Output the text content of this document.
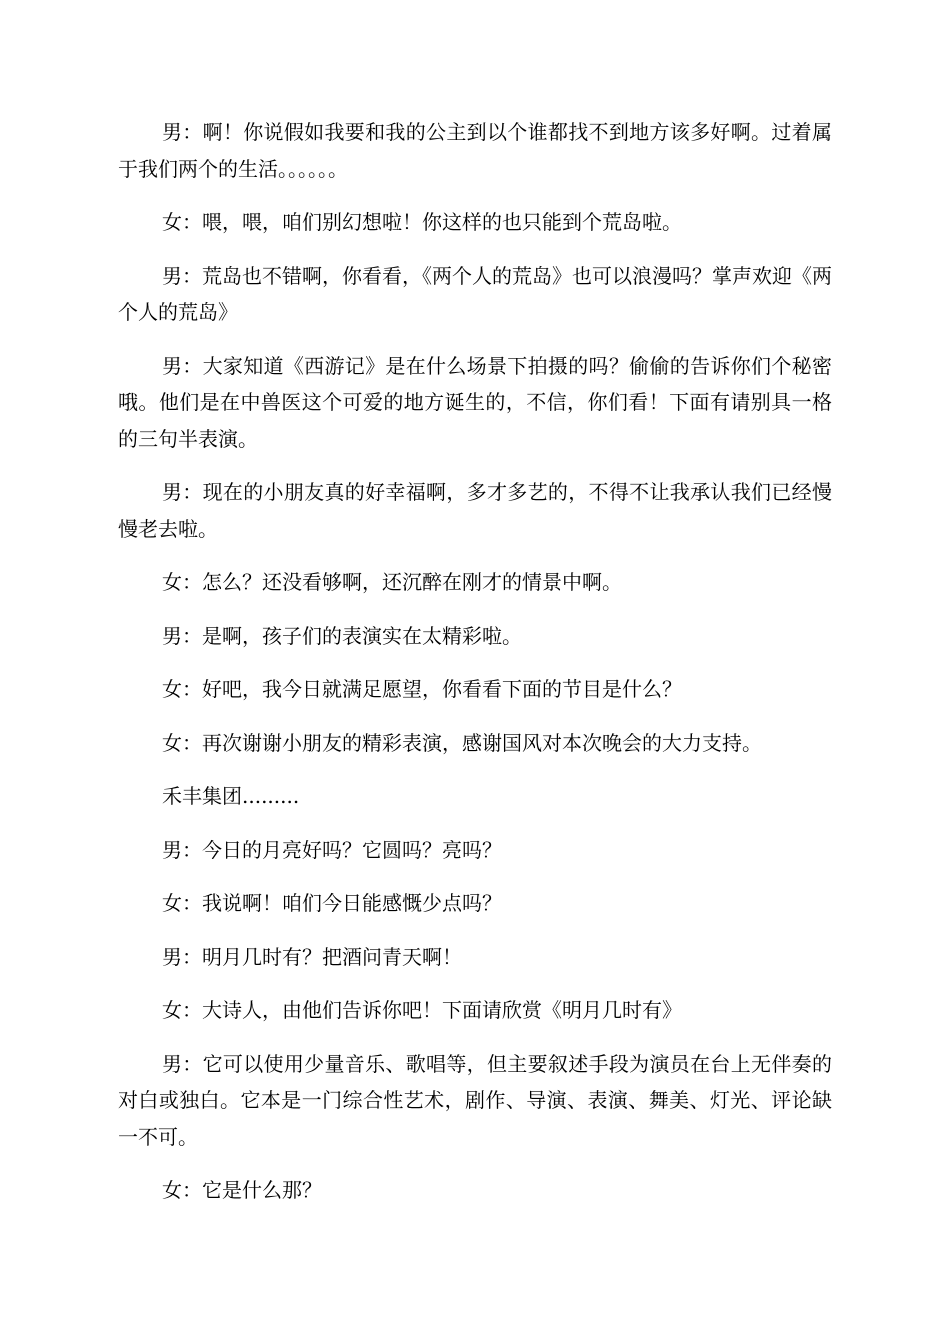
男：啊！你说假如我要和我的公主到以个谁都找不到地方该多好啊。过着属于我们两个的生活。。。。。。

女：喂，喂，咱们别幻想啦！你这样的也只能到个荒岛啦。

男：荒岛也不错啊，你看看，《两个人的荒岛》也可以浪漫吗？掌声欢迎《两个人的荒岛》

男：大家知道《西游记》是在什么场景下拍摄的吗？偷偷的告诉你们个秘密哦。他们是在中兽医这个可爱的地方诞生的，不信，你们看！下面有请别具一格的三句半表演。

男：现在的小朋友真的好幸福啊，多才多艺的，不得不让我承认我们已经慢慢老去啦。

女：怎么？还没看够啊，还沉醉在刚才的情景中啊。

男：是啊，孩子们的表演实在太精彩啦。

女：好吧，我今日就满足愿望，你看看下面的节目是什么？

女：再次谢谢小朋友的精彩表演，感谢国风对本次晚会的大力支持。

禾丰集团.........

男：今日的月亮好吗？它圆吗？亮吗？

女：我说啊！咱们今日能感慨少点吗？

男：明月几时有？把酒问青天啊！

女：大诗人，由他们告诉你吧！下面请欣赏《明月几时有》

男：它可以使用少量音乐、歌唱等，但主要叙述手段为演员在台上无伴奏的对白或独白。它本是一门综合性艺术，剧作、导演、表演、舞美、灯光、评论缺一不可。

女：它是什么那？
